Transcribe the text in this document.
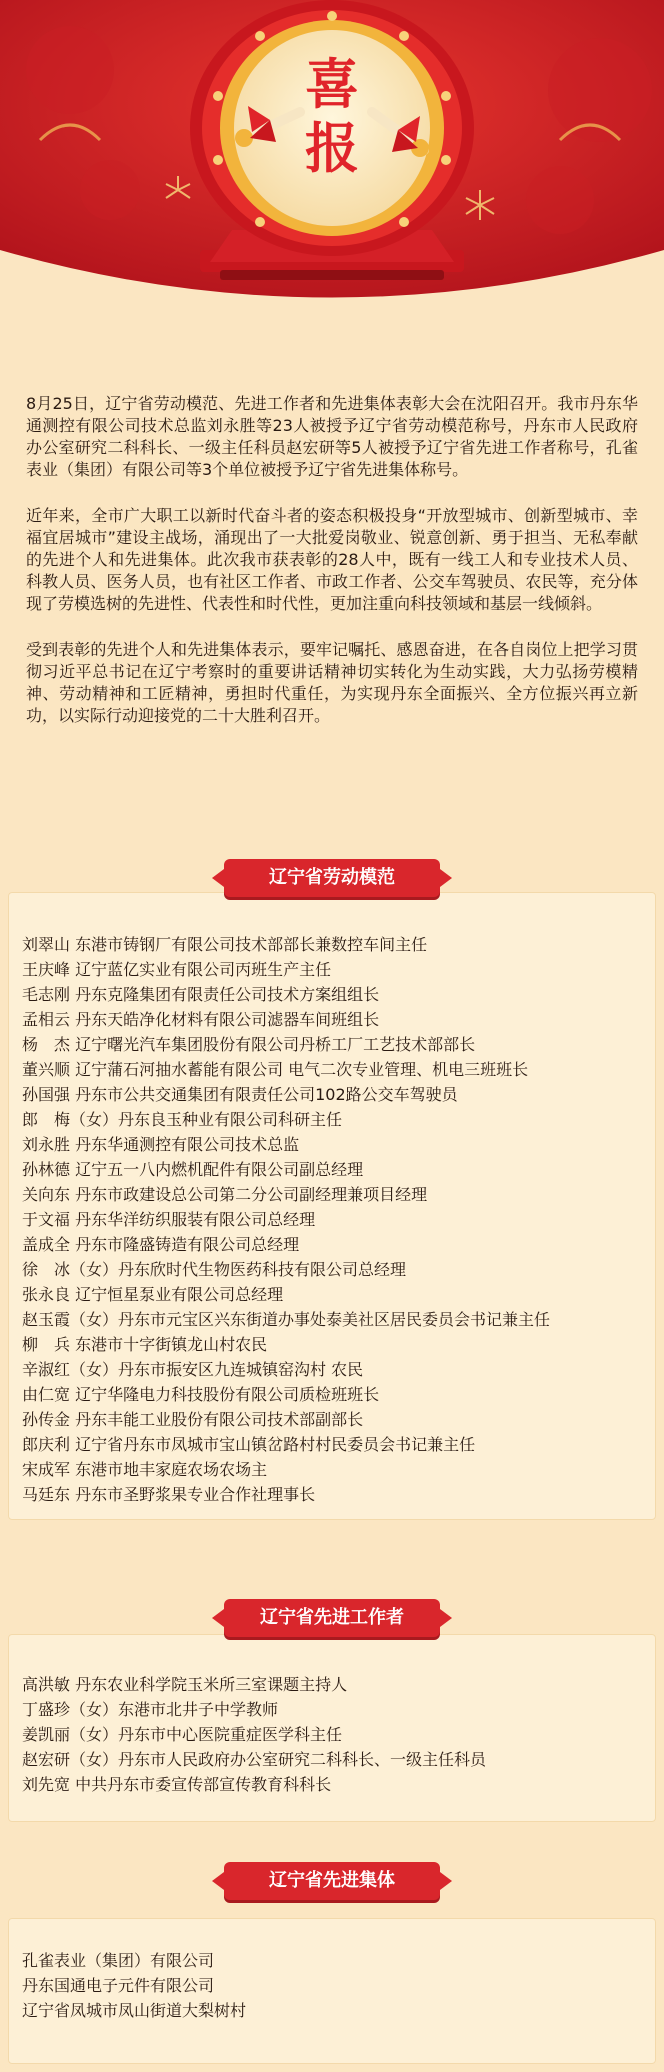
喜
报

8月25日，辽宁省劳动模范、先进工作者和先进集体表彰大会在沈阳召开。我市丹东华通测控有限公司技术总监刘永胜等23人被授予辽宁省劳动模范称号，丹东市人民政府办公室研究二科科长、一级主任科员赵宏研等5人被授予辽宁省先进工作者称号，孔雀表业（集团）有限公司等3个单位被授予辽宁省先进集体称号。

近年来，全市广大职工以新时代奋斗者的姿态积极投身“开放型城市、创新型城市、幸福宜居城市”建设主战场，涌现出了一大批爱岗敬业、锐意创新、勇于担当、无私奉献的先进个人和先进集体。此次我市获表彰的28人中，既有一线工人和专业技术人员、科教人员、医务人员，也有社区工作者、市政工作者、公交车驾驶员、农民等，充分体现了劳模选树的先进性、代表性和时代性，更加注重向科技领域和基层一线倾斜。

受到表彰的先进个人和先进集体表示，要牢记嘱托、感恩奋进，在各自岗位上把学习贯彻习近平总书记在辽宁考察时的重要讲话精神切实转化为生动实践，大力弘扬劳模精神、劳动精神和工匠精神，勇担时代重任，为实现丹东全面振兴、全方位振兴再立新功，以实际行动迎接党的二十大胜利召开。

辽宁省劳动模范
刘翠山 东港市铸钢厂有限公司技术部部长兼数控车间主任
王庆峰 辽宁蓝亿实业有限公司丙班生产主任
毛志刚 丹东克隆集团有限责任公司技术方案组组长
孟相云 丹东天皓净化材料有限公司滤器车间班组长
杨　杰 辽宁曙光汽车集团股份有限公司丹桥工厂工艺技术部部长
董兴顺 辽宁蒲石河抽水蓄能有限公司 电气二次专业管理、机电三班班长
孙国强 丹东市公共交通集团有限责任公司102路公交车驾驶员
郎　梅（女）丹东良玉种业有限公司科研主任
刘永胜 丹东华通测控有限公司技术总监
孙林德 辽宁五一八内燃机配件有限公司副总经理
关向东 丹东市政建设总公司第二分公司副经理兼项目经理
于文福 丹东华洋纺织服装有限公司总经理
盖成全 丹东市隆盛铸造有限公司总经理
徐　冰（女）丹东欣时代生物医药科技有限公司总经理
张永良 辽宁恒星泵业有限公司总经理
赵玉霞（女）丹东市元宝区兴东街道办事处泰美社区居民委员会书记兼主任
柳　兵 东港市十字街镇龙山村农民
辛淑红（女）丹东市振安区九连城镇窑沟村 农民
由仁宽 辽宁华隆电力科技股份有限公司质检班班长
孙传金 丹东丰能工业股份有限公司技术部副部长
郎庆利 辽宁省丹东市凤城市宝山镇岔路村村民委员会书记兼主任
宋成军 东港市地丰家庭农场农场主
马廷东 丹东市圣野浆果专业合作社理事长
辽宁省先进工作者
高洪敏 丹东农业科学院玉米所三室课题主持人
丁盛珍（女）东港市北井子中学教师
姜凯丽（女）丹东市中心医院重症医学科主任
赵宏研（女）丹东市人民政府办公室研究二科科长、一级主任科员
刘先宽 中共丹东市委宣传部宣传教育科科长
辽宁省先进集体
孔雀表业（集团）有限公司
丹东国通电子元件有限公司
辽宁省凤城市凤山街道大梨树村
